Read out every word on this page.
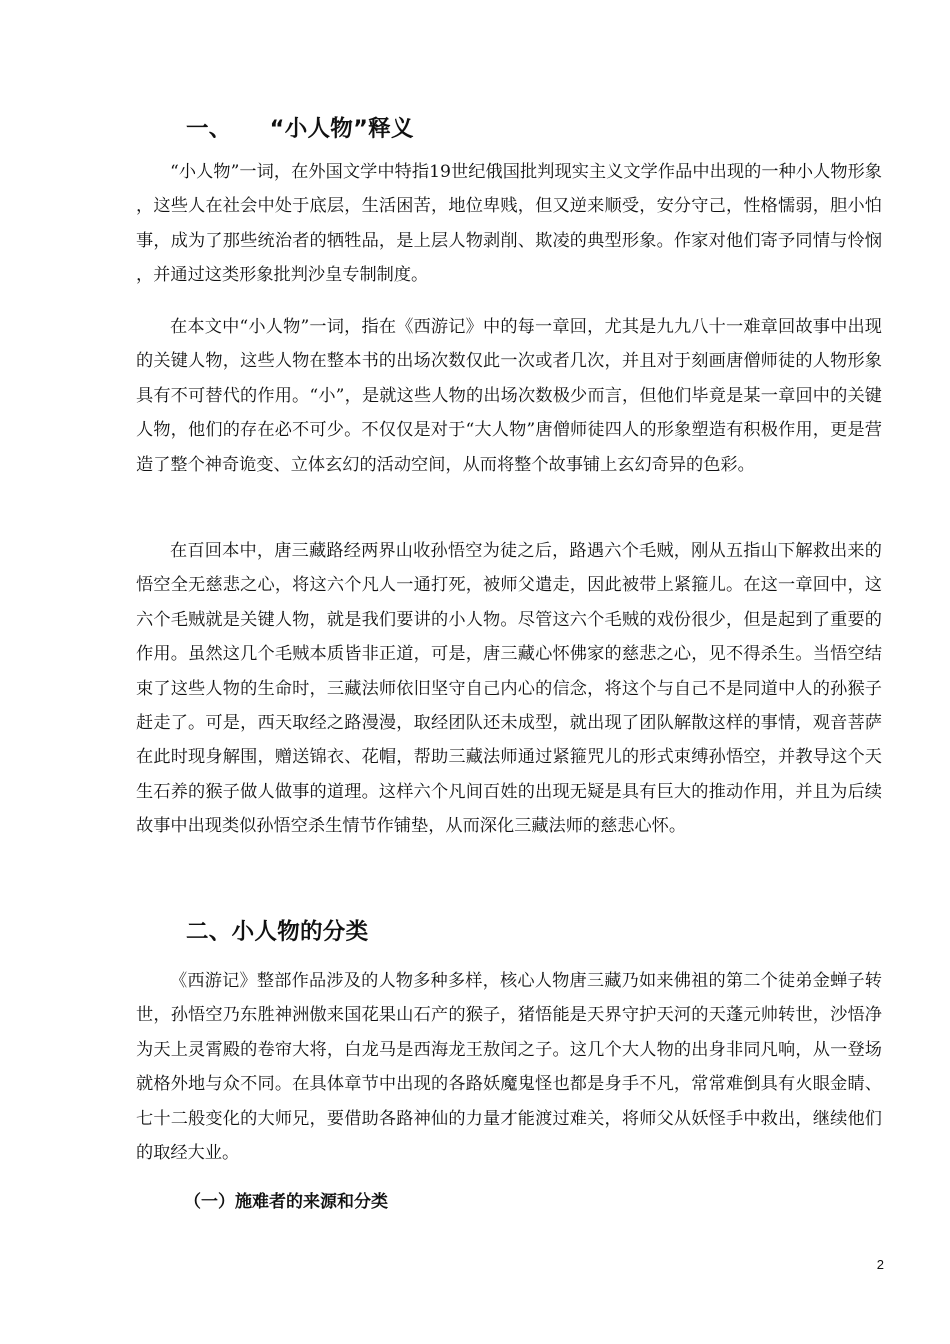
一、 “小人物”释义

“小人物”一词，在外国文学中特指19世纪俄国批判现实主义文学作品中出现的一种小人物形象，这些人在社会中处于底层，生活困苦，地位卑贱，但又逆来顺受，安分守己，性格懦弱，胆小怕事，成为了那些统治者的牺牲品，是上层人物剥削、欺凌的典型形象。作家对他们寄予同情与怜悯，并通过这类形象批判沙皇专制制度。

在本文中“小人物”一词，指在《西游记》中的每一章回，尤其是九九八十一难章回故事中出现的关键人物，这些人物在整本书的出场次数仅此一次或者几次，并且对于刻画唐僧师徒的人物形象具有不可替代的作用。“小”，是就这些人物的出场次数极少而言，但他们毕竟是某一章回中的关键人物，他们的存在必不可少。不仅仅是对于“大人物”唐僧师徒四人的形象塑造有积极作用，更是营造了整个神奇诡变、立体玄幻的活动空间，从而将整个故事铺上玄幻奇异的色彩。

在百回本中，唐三藏路经两界山收孙悟空为徒之后，路遇六个毛贼，刚从五指山下解救出来的悟空全无慈悲之心，将这六个凡人一通打死，被师父遣走，因此被带上紧箍儿。在这一章回中，这六个毛贼就是关键人物，就是我们要讲的小人物。尽管这六个毛贼的戏份很少，但是起到了重要的作用。虽然这几个毛贼本质皆非正道，可是，唐三藏心怀佛家的慈悲之心，见不得杀生。当悟空结束了这些人物的生命时，三藏法师依旧坚守自己内心的信念，将这个与自己不是同道中人的孙猴子赶走了。可是，西天取经之路漫漫，取经团队还未成型，就出现了团队解散这样的事情，观音菩萨在此时现身解围，赠送锦衣、花帽，帮助三藏法师通过紧箍咒儿的形式束缚孙悟空，并教导这个天生石养的猴子做人做事的道理。这样六个凡间百姓的出现无疑是具有巨大的推动作用，并且为后续故事中出现类似孙悟空杀生情节作铺垫，从而深化三藏法师的慈悲心怀。

二、小人物的分类

《西游记》整部作品涉及的人物多种多样，核心人物唐三藏乃如来佛祖的第二个徒弟金蝉子转世，孙悟空乃东胜神洲傲来国花果山石产的猴子，猪悟能是天界守护天河的天蓬元帅转世，沙悟净为天上灵霄殿的卷帘大将，白龙马是西海龙王敖闰之子。这几个大人物的出身非同凡响，从一登场就格外地与众不同。在具体章节中出现的各路妖魔鬼怪也都是身手不凡，常常难倒具有火眼金睛、七十二般变化的大师兄，要借助各路神仙的力量才能渡过难关，将师父从妖怪手中救出，继续他们的取经大业。

（一）施难者的来源和分类
2
